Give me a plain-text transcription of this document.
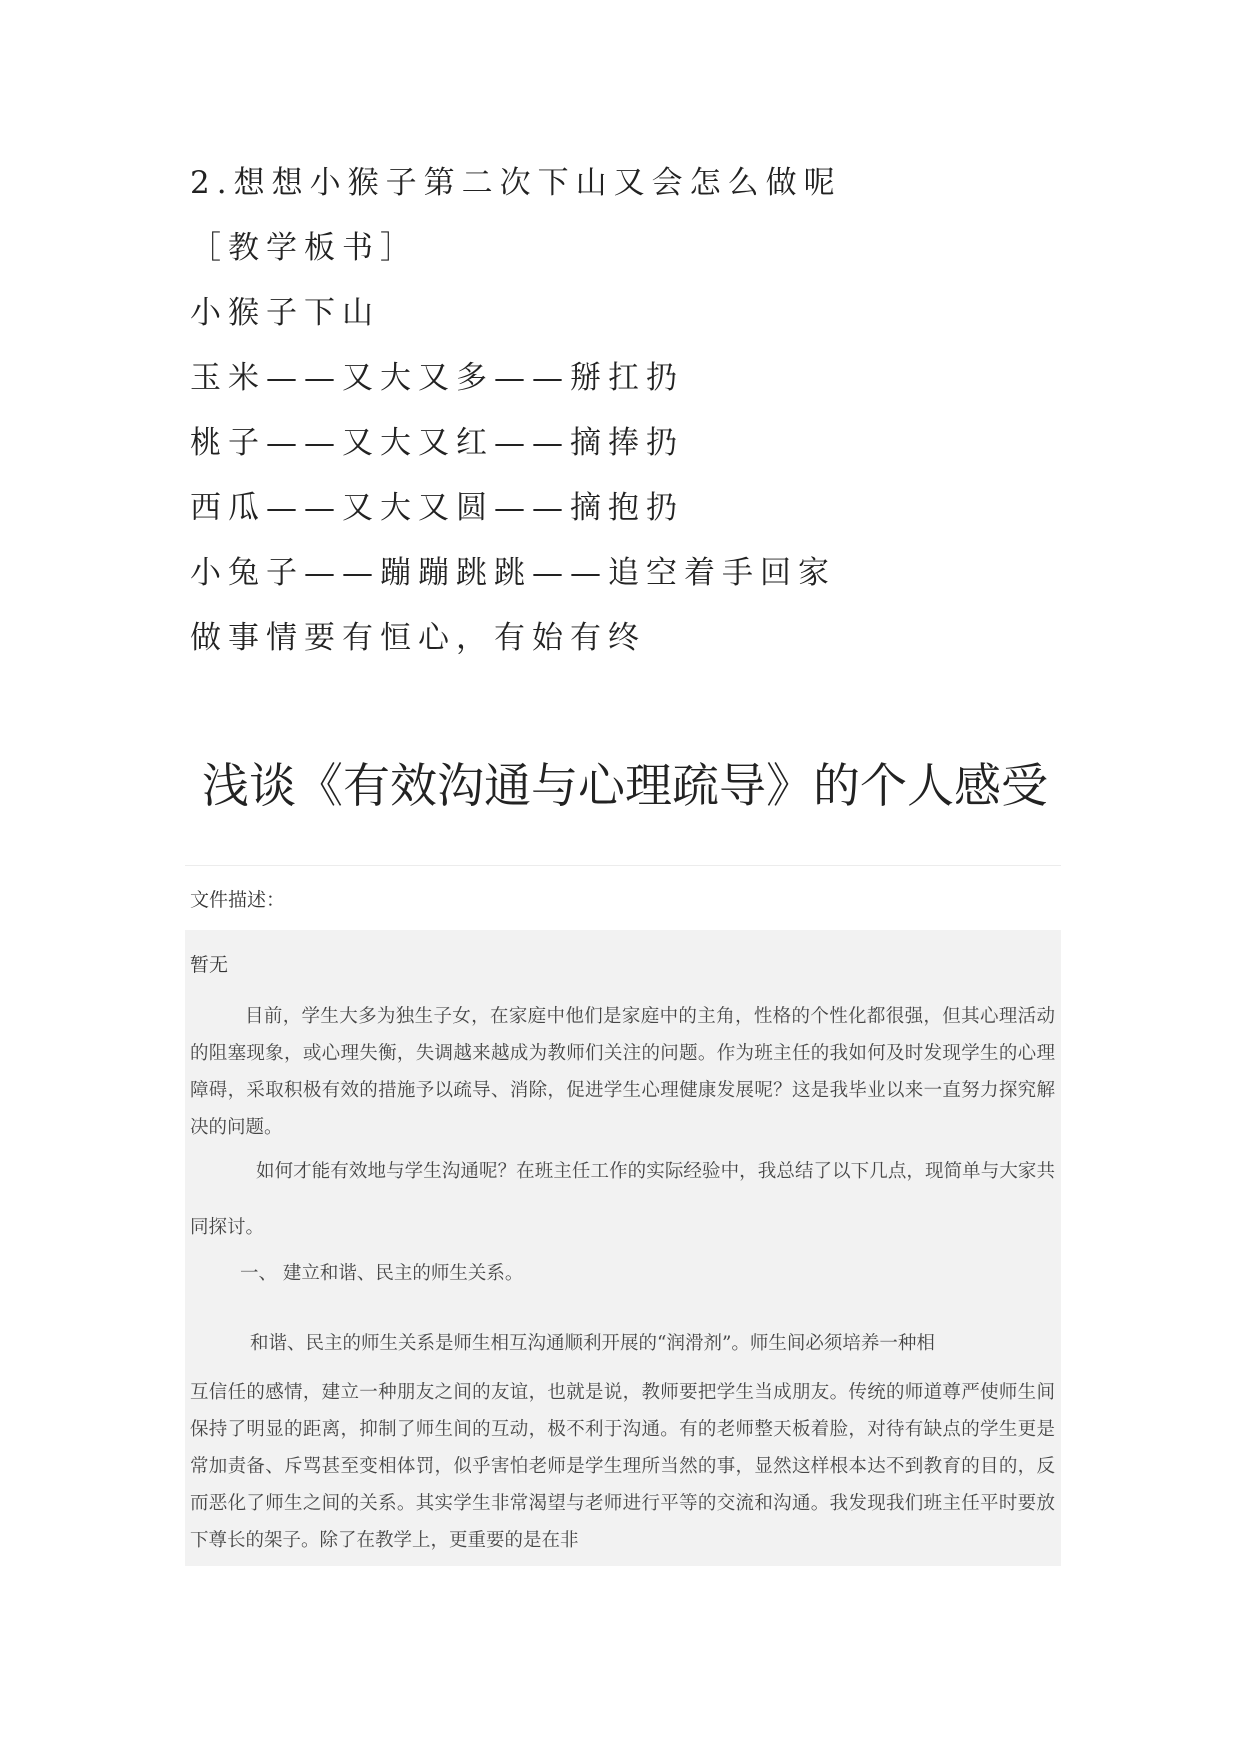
2.想想小猴子第二次下山又会怎么做呢
［教学板书］
小猴子下山
玉米——又大又多——掰扛扔
桃子——又大又红——摘捧扔
西瓜——又大又圆——摘抱扔
小兔子——蹦蹦跳跳——追空着手回家
做事情要有恒心，有始有终
浅谈《有效沟通与心理疏导》的个人感受
文件描述：
暂无

目前，学生大多为独生子女，在家庭中他们是家庭中的主角，性格的个性化都很强，但其心理活动的阻塞现象，或心理失衡，失调越来越成为教师们关注的问题。作为班主任的我如何及时发现学生的心理障碍，采取积极有效的措施予以疏导、消除，促进学生心理健康发展呢？这是我毕业以来一直努力探究解决的问题。

如何才能有效地与学生沟通呢？在班主任工作的实际经验中，我总结了以下几点，现简单与大家共同探讨。

一、 建立和谐、民主的师生关系。

和谐、民主的师生关系是师生相互沟通顺利开展的“润滑剂”。师生间必须培养一种相
互信任的感情，建立一种朋友之间的友谊，也就是说，教师要把学生当成朋友。传统的师道尊严使师生间保持了明显的距离，抑制了师生间的互动，极不利于沟通。有的老师整天板着脸，对待有缺点的学生更是常加责备、斥骂甚至变相体罚，似乎害怕老师是学生理所当然的事，显然这样根本达不到教育的目的，反而恶化了师生之间的关系。其实学生非常渴望与老师进行平等的交流和沟通。我发现我们班主任平时要放下尊长的架子。除了在教学上，更重要的是在非
